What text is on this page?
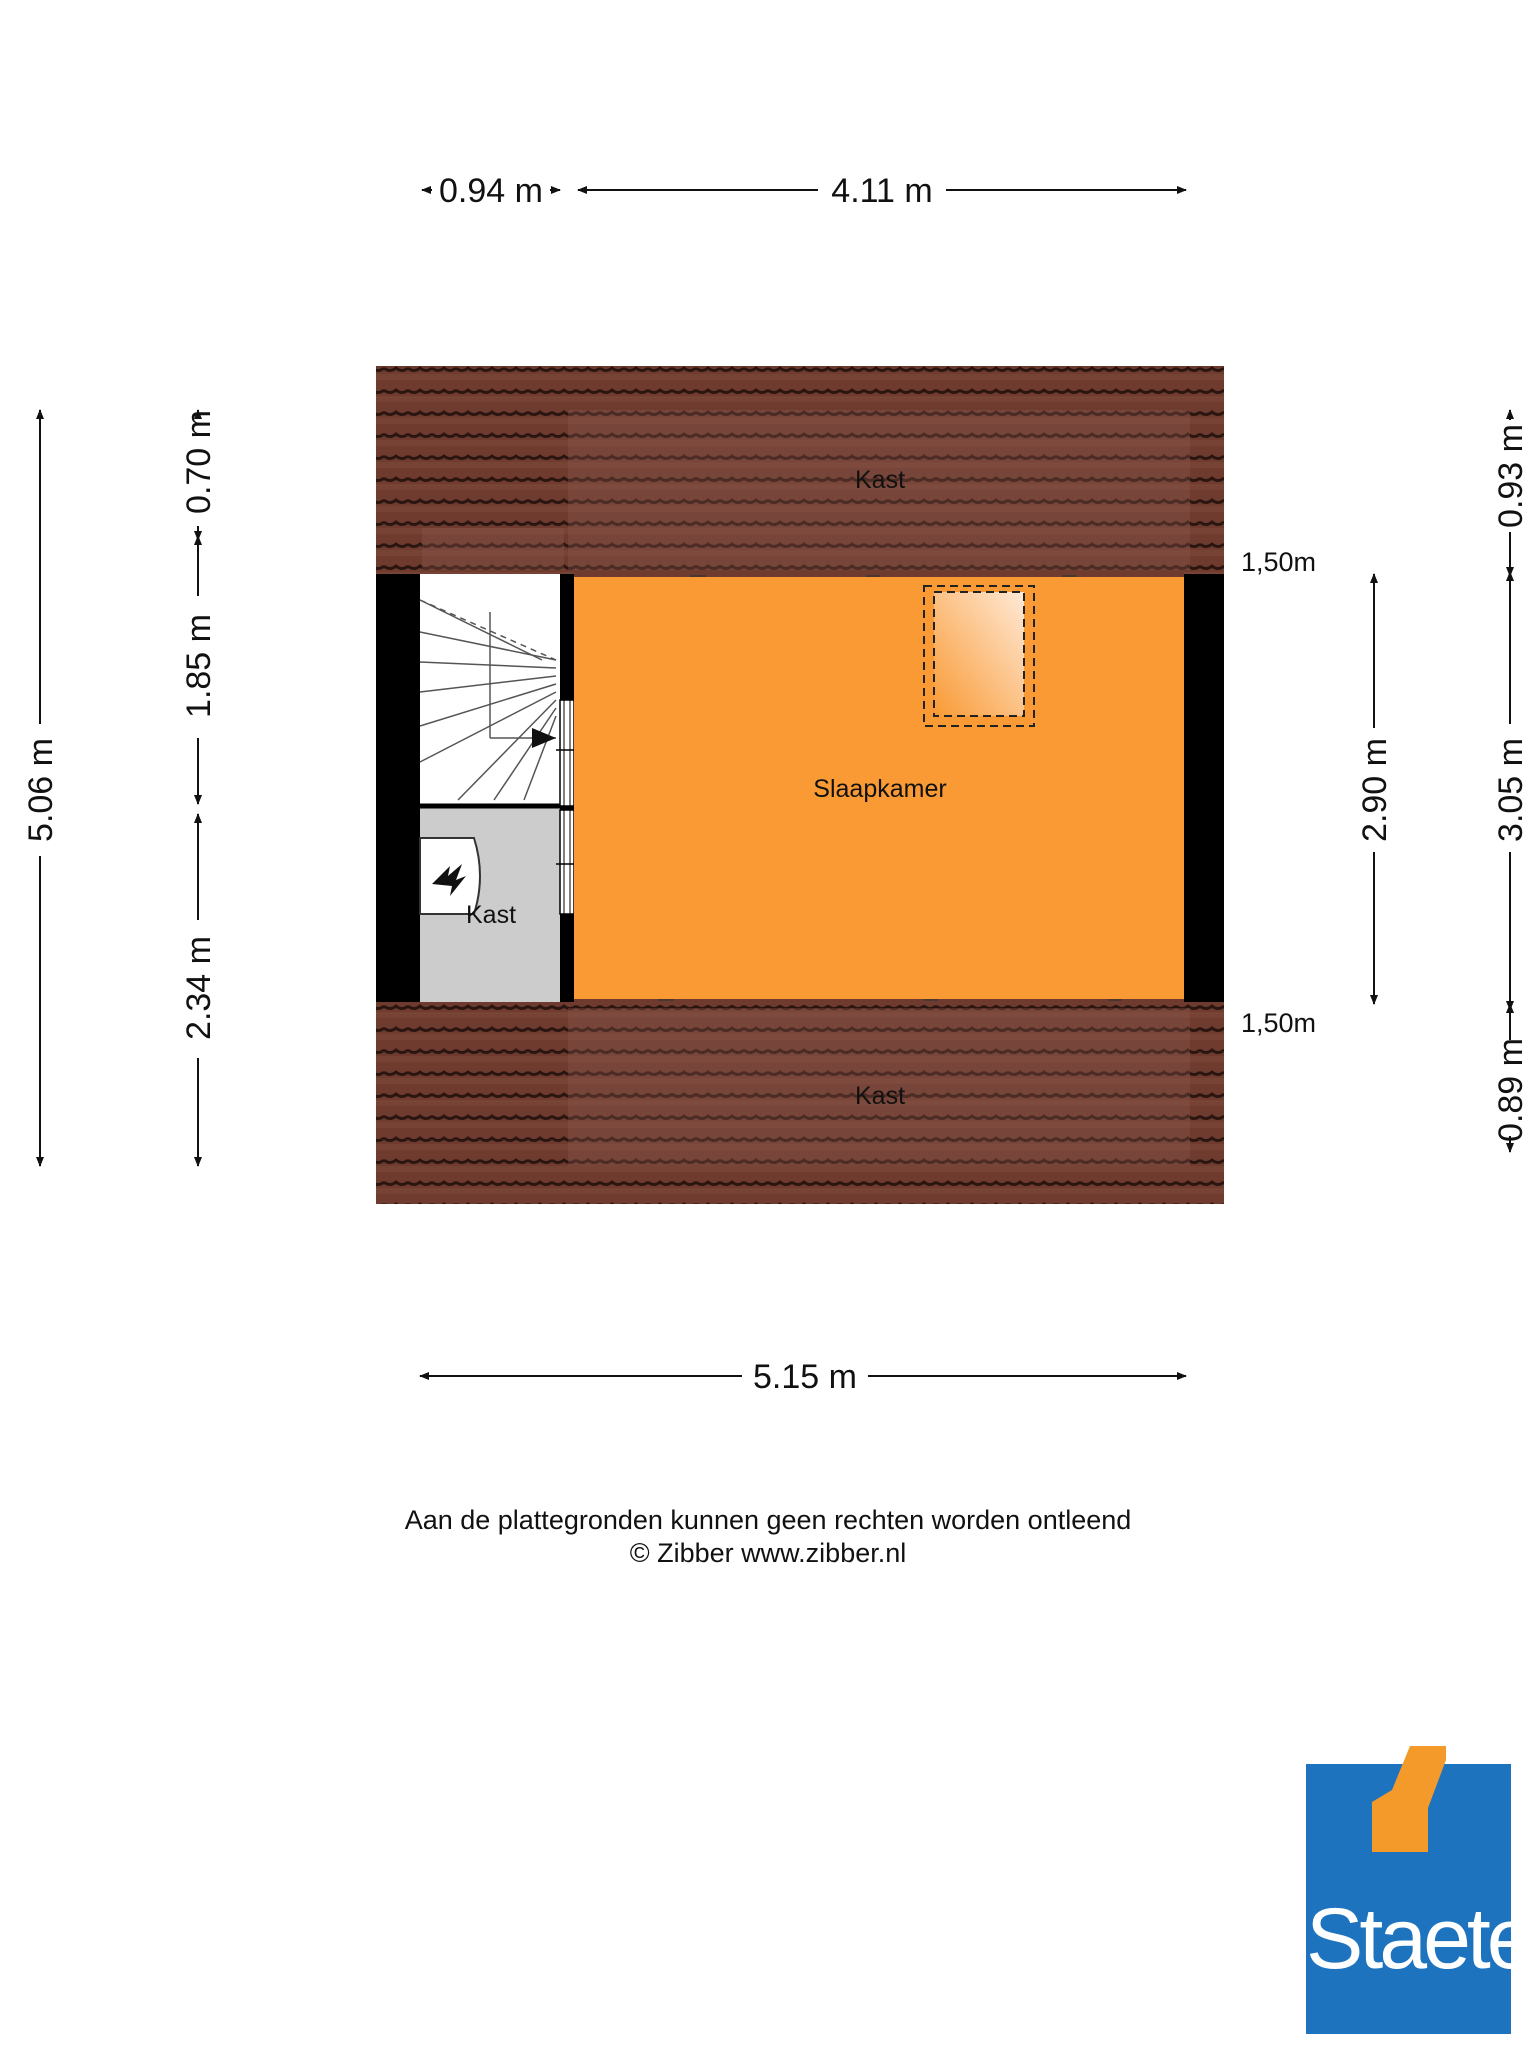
Kast
Slaapkamer
Kast
Kast
1,50m
1,50m
0.94 m	4.11 m
5.15 m
5.06 m
0.70 m
1.85 m
2.34 m
2.90 m
0.93 m
3.05 m
0.89 m
Aan de plattegronden kunnen geen rechten worden ontleend
© Zibber www.zibber.nl
Staete
